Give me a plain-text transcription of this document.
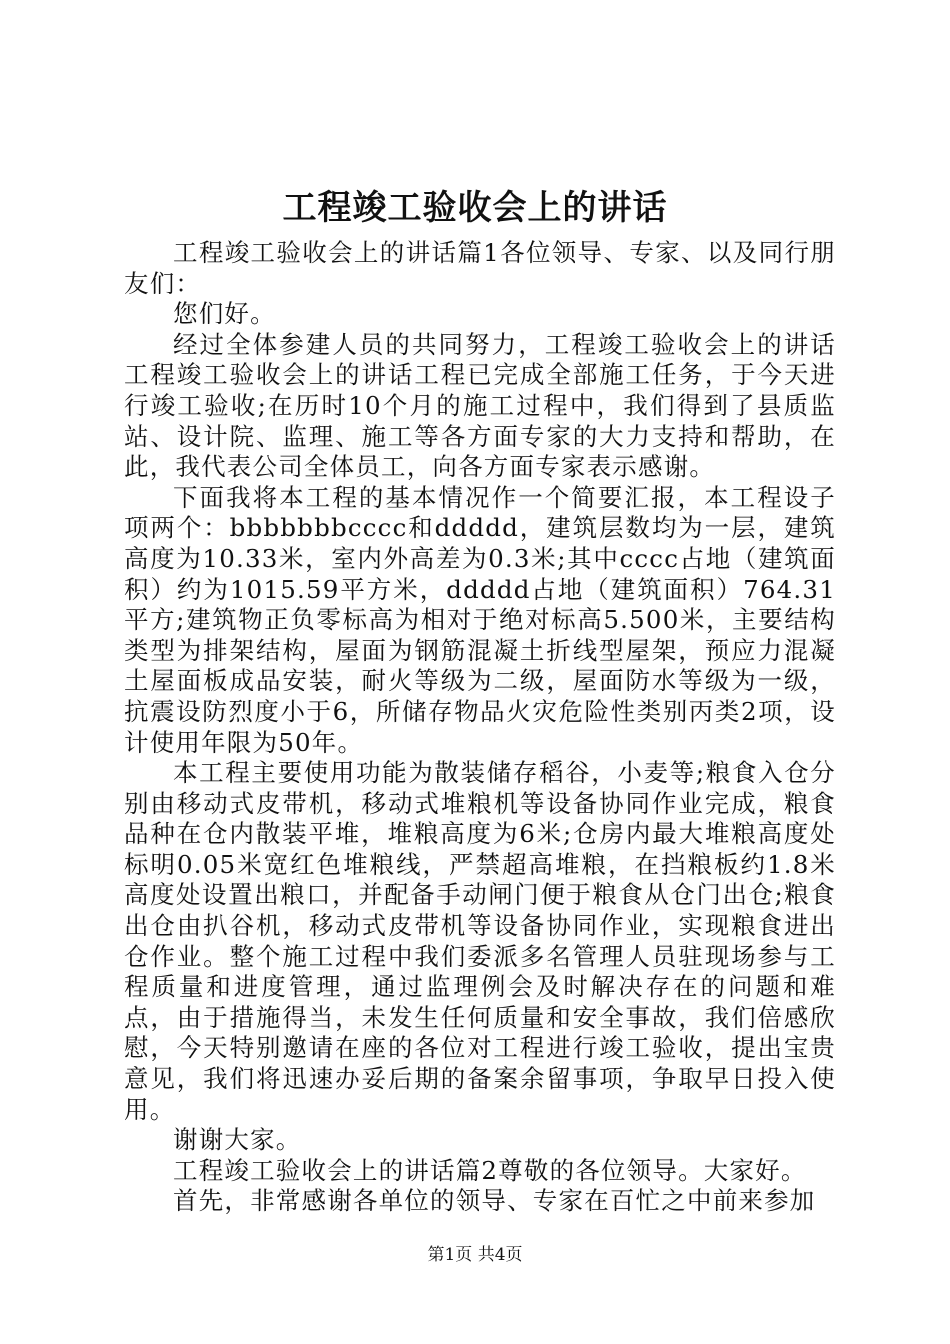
工程竣工验收会上的讲话

工程竣工验收会上的讲话篇1各位领导、专家、以及同行朋友们：

您们好。

经过全体参建人员的共同努力，工程竣工验收会上的讲话工程竣工验收会上的讲话工程已完成全部施工任务，于今天进行竣工验收;在历时10个月的施工过程中，我们得到了县质监站、设计院、监理、施工等各方面专家的大力支持和帮助，在此，我代表公司全体员工，向各方面专家表示感谢。

下面我将本工程的基本情况作一个简要汇报，本工程设子项两个：bbbbbbbcccc和ddddd，建筑层数均为一层，建筑高度为10.33米，室内外高差为0.3米;其中cccc占地（建筑面积）约为1015.59平方米，ddddd占地（建筑面积）764.31平方;建筑物正负零标高为相对于绝对标高5.500米，主要结构类型为排架结构，屋面为钢筋混凝土折线型屋架，预应力混凝土屋面板成品安装，耐火等级为二级，屋面防水等级为一级，抗震设防烈度小于6，所储存物品火灾危险性类别丙类2项，设计使用年限为50年。

本工程主要使用功能为散装储存稻谷，小麦等;粮食入仓分别由移动式皮带机，移动式堆粮机等设备协同作业完成，粮食品种在仓内散装平堆，堆粮高度为6米;仓房内最大堆粮高度处标明0.05米宽红色堆粮线，严禁超高堆粮，在挡粮板约1.8米高度处设置出粮口，并配备手动闸门便于粮食从仓门出仓;粮食出仓由扒谷机，移动式皮带机等设备协同作业，实现粮食进出仓作业。整个施工过程中我们委派多名管理人员驻现场参与工程质量和进度管理，通过监理例会及时解决存在的问题和难点，由于措施得当，未发生任何质量和安全事故，我们倍感欣慰，今天特别邀请在座的各位对工程进行竣工验收，提出宝贵意见，我们将迅速办妥后期的备案余留事项，争取早日投入使用。

谢谢大家。

工程竣工验收会上的讲话篇2尊敬的各位领导。大家好。

首先，非常感谢各单位的领导、专家在百忙之中前来参加

第1页 共4页
